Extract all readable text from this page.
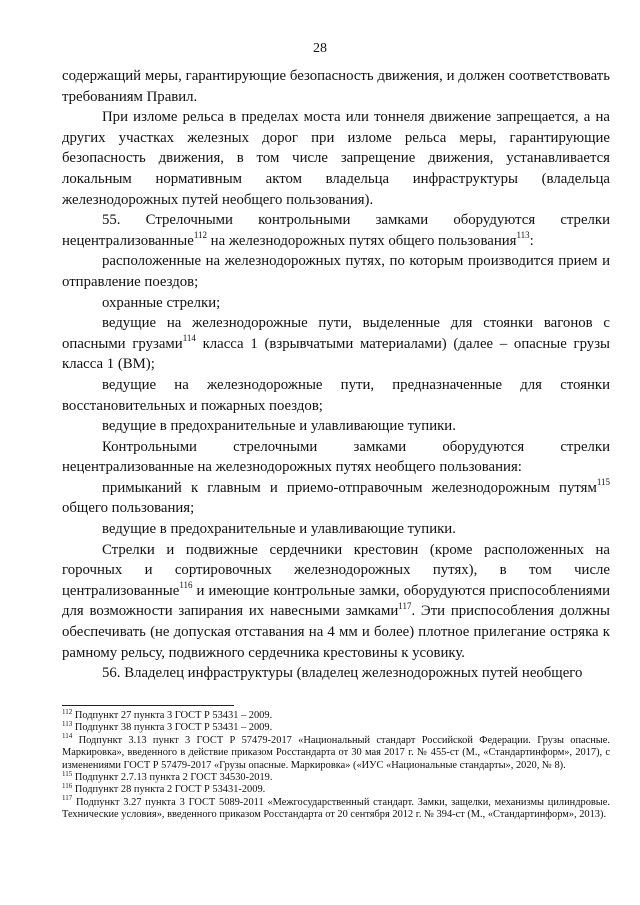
28

содержащий меры, гарантирующие безопасность движения, и должен соответствовать требованиям Правил.

При изломе рельса в пределах моста или тоннеля движение запрещается, а на других участках железных дорог при изломе рельса меры, гарантирующие безопасность движения, в том числе запрещение движения, устанавливается локальным нормативным актом владельца инфраструктуры (владельца железнодорожных путей необщего пользования).

55. Стрелочными контрольными замками оборудуются стрелки нецентрализованные$^{112}$ на железнодорожных путях общего пользования$^{113}$:

расположенные на железнодорожных путях, по которым производится прием и отправление поездов;

охранные стрелки;

ведущие на железнодорожные пути, выделенные для стоянки вагонов с опасными грузами$^{114}$ класса 1 (взрывчатыми материалами) (далее – опасные грузы класса 1 (ВМ);

ведущие на железнодорожные пути, предназначенные для стоянки восстановительных и пожарных поездов;

ведущие в предохранительные и улавливающие тупики.

Контрольными стрелочными замками оборудуются стрелки нецентрализованные на железнодорожных путях необщего пользования:

примыканий к главным и приемо-отправочным железнодорожным путям$^{115}$ общего пользования;

ведущие в предохранительные и улавливающие тупики.

Стрелки и подвижные сердечники крестовин (кроме расположенных на горочных и сортировочных железнодорожных путях), в том числе централизованные$^{116}$ и имеющие контрольные замки, оборудуются приспособлениями для возможности запирания их навесными замками$^{117}$. Эти приспособления должны обеспечивать (не допуская отставания на 4 мм и более) плотное прилегание остряка к рамному рельсу, подвижного сердечника крестовины к усовику.

56. Владелец инфраструктуры (владелец железнодорожных путей необщего

$^{112}$ Подпункт 27 пункта 3 ГОСТ Р 53431 – 2009.

$^{113}$ Подпункт 38 пункта 3 ГОСТ Р 53431 – 2009.

$^{114}$ Подпункт 3.13 пункт 3 ГОСТ Р 57479-2017 «Национальный стандарт Российской Федерации. Грузы опасные. Маркировка», введенного в действие приказом Росстандарта от 30 мая 2017 г. № 455-ст (М., «Стандартинформ», 2017), с изменениями ГОСТ Р 57479-2017 «Грузы опасные. Маркировка» («ИУС «Национальные стандарты», 2020, № 8).

$^{115}$ Подпункт 2.7.13 пункта 2 ГОСТ 34530-2019.

$^{116}$ Подпункт 28 пункта 2 ГОСТ Р 53431-2009.

$^{117}$ Подпункт 3.27 пункта 3 ГОСТ 5089-2011 «Межгосударственный стандарт. Замки, защелки, механизмы цилиндровые. Технические условия», введенного приказом Росстандарта от 20 сентября 2012 г. № 394-ст (М., «Стандартинформ», 2013).
